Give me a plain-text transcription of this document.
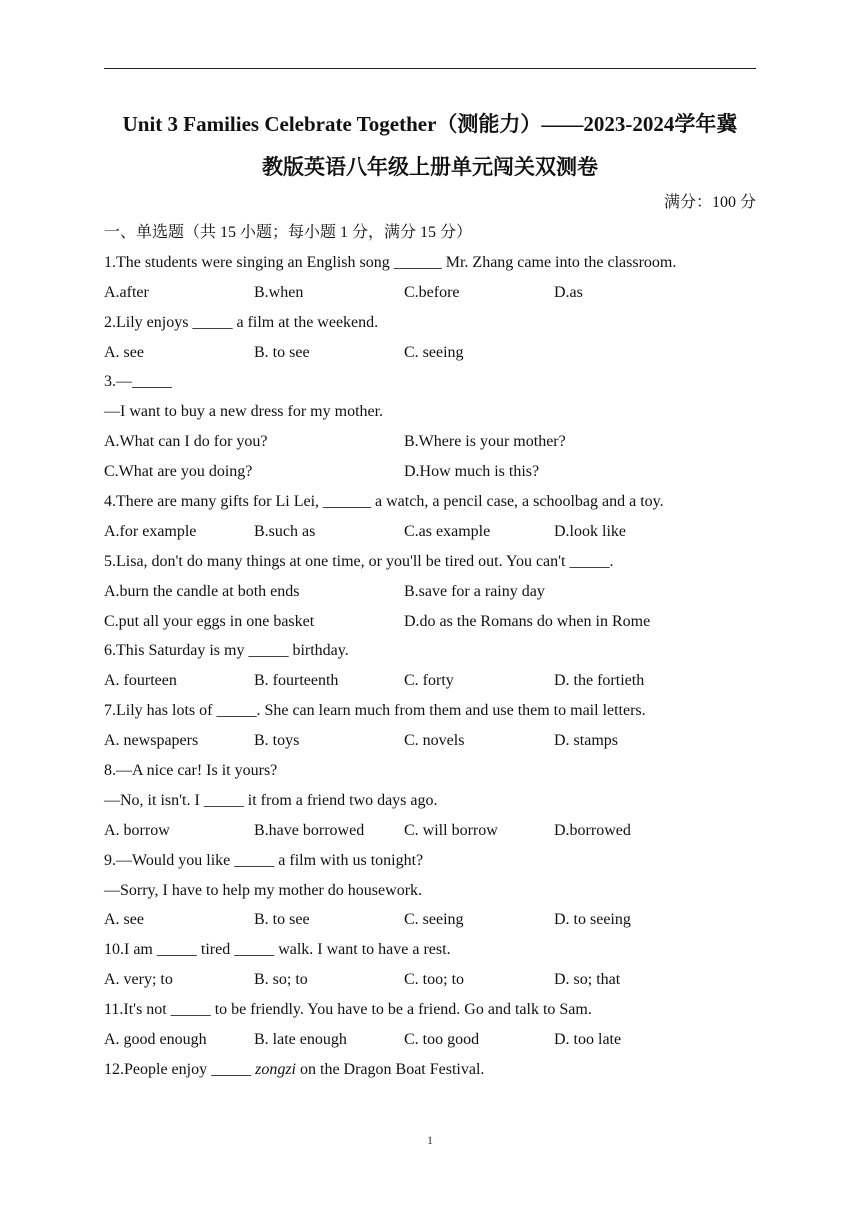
Unit 3 Families Celebrate Together（测能力）——2023-2024学年冀
教版英语八年级上册单元闯关双测卷
满分：100 分
一、单选题（共 15 小题；每小题 1 分，满分 15 分）
1.The students were singing an English song ______ Mr. Zhang came into the classroom.
A.after	B.when	C.before	D.as
2.Lily enjoys _____ a film at the weekend.
A. see	B. to see	C. seeing
3.—_____
—I want to buy a new dress for my mother.
A.What can I do for you?	B.Where is your mother?
C.What are you doing?	D.How much is this?
4.There are many gifts for Li Lei, ______ a watch, a pencil case, a schoolbag and a toy.
A.for example	B.such as	C.as example	D.look like
5.Lisa, don't do many things at one time, or you'll be tired out. You can't _____.
A.burn the candle at both ends	B.save for a rainy day
C.put all your eggs in one basket	D.do as the Romans do when in Rome
6.This Saturday is my _____ birthday.
A. fourteen	B. fourteenth	C. forty	D. the fortieth
7.Lily has lots of _____. She can learn much from them and use them to mail letters.
A. newspapers	B. toys	C. novels	D. stamps
8.—A nice car! Is it yours?
—No, it isn't. I _____ it from a friend two days ago.
A. borrow	B.have borrowed	C. will borrow	D.borrowed
9.—Would you like _____ a film with us tonight?
—Sorry, I have to help my mother do housework.
A. see	B. to see	C. seeing	D. to seeing
10.I am _____ tired _____ walk. I want to have a rest.
A. very; to	B. so; to	C. too; to	D. so; that
11.It's not _____ to be friendly. You have to be a friend. Go and talk to Sam.
A. good enough	B. late enough	C. too good	D. too late
12.People enjoy _____ zongzi on the Dragon Boat Festival.
1
